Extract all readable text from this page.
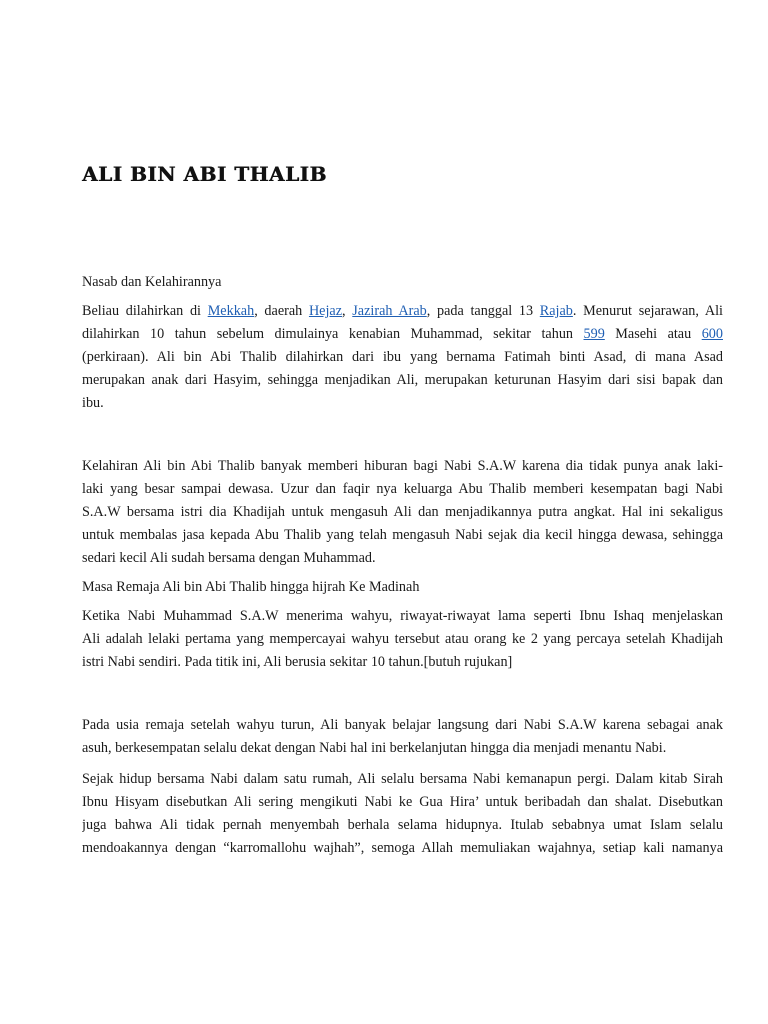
ALI BIN ABI THALIB
Nasab dan Kelahirannya
Beliau dilahirkan di Mekkah, daerah Hejaz, Jazirah Arab, pada tanggal 13 Rajab. Menurut sejarawan, Ali
dilahirkan 10 tahun sebelum dimulainya kenabian Muhammad, sekitar tahun 599 Masehi atau 600
(perkiraan). Ali bin Abi Thalib dilahirkan dari ibu yang bernama Fatimah binti Asad, di mana Asad
merupakan anak dari Hasyim, sehingga menjadikan Ali, merupakan keturunan Hasyim dari sisi bapak dan
ibu.
Kelahiran Ali bin Abi Thalib banyak memberi hiburan bagi Nabi S.A.W karena dia tidak punya anak laki-
laki yang besar sampai dewasa. Uzur dan faqir nya keluarga Abu Thalib memberi kesempatan bagi Nabi
S.A.W bersama istri dia Khadijah untuk mengasuh Ali dan menjadikannya putra angkat. Hal ini sekaligus
untuk membalas jasa kepada Abu Thalib yang telah mengasuh Nabi sejak dia kecil hingga dewasa, sehingga
sedari kecil Ali sudah bersama dengan Muhammad.
Masa Remaja Ali bin Abi Thalib hingga hijrah Ke Madinah
Ketika Nabi Muhammad S.A.W menerima wahyu, riwayat-riwayat lama seperti Ibnu Ishaq menjelaskan
Ali adalah lelaki pertama yang mempercayai wahyu tersebut atau orang ke 2 yang percaya setelah Khadijah
istri Nabi sendiri. Pada titik ini, Ali berusia sekitar 10 tahun.[butuh rujukan]
Pada usia remaja setelah wahyu turun, Ali banyak belajar langsung dari Nabi S.A.W karena sebagai anak
asuh, berkesempatan selalu dekat dengan Nabi hal ini berkelanjutan hingga dia menjadi menantu Nabi.
Sejak hidup bersama Nabi dalam satu rumah, Ali selalu bersama Nabi kemanapun pergi. Dalam kitab Sirah
Ibnu Hisyam disebutkan Ali sering mengikuti Nabi ke Gua Hira’ untuk beribadah dan shalat. Disebutkan
juga bahwa Ali tidak pernah menyembah berhala selama hidupnya. Itulab sebabnya umat Islam selalu
mendoakannya dengan “karromallohu wajhah”, semoga Allah memuliakan wajahnya, setiap kali namanya
